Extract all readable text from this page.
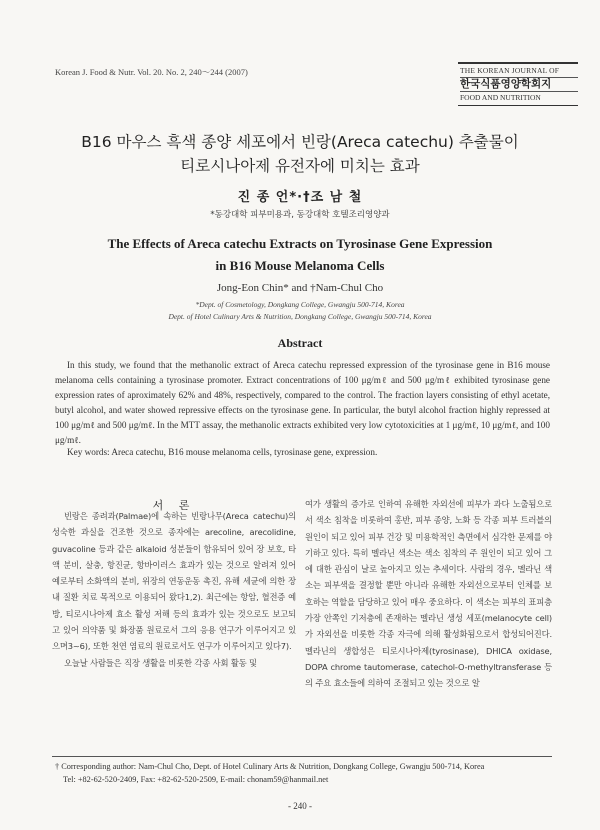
Korean J. Food & Nutr. Vol. 20. No. 2, 240～244 (2007)	THE KOREAN JOURNAL OF
한국식품영양학회지
FOOD AND NUTRITION
B16 마우스 흑색 종양 세포에서 빈랑(Areca catechu) 추출물이
티로시나아제 유전자에 미치는 효과
진 종 언*·†조 남 철
*동강대학 피부미용과, 동강대학 호텔조리영양과
The Effects of Areca catechu Extracts on Tyrosinase Gene Expression
in B16 Mouse Melanoma Cells
Jong-Eon Chin* and †Nam-Chul Cho
*Dept. of Cosmetology, Dongkang College, Gwangju 500-714, Korea
Dept. of Hotel Culinary Arts & Nutrition, Dongkang College, Gwangju 500-714, Korea
Abstract
In this study, we found that the methanolic extract of Areca catechu repressed expression of the tyrosinase gene in B16 mouse melanoma cells containing a tyrosinase promoter. Extract concentrations of 100 μg/mℓ and 500 μg/mℓ exhibited tyrosinase gene expression rates of aproximately 62% and 48%, respectively, compared to the control. The fraction layers consisting of ethyl acetate, butyl alcohol, and water showed repressive effects on the tyrosinase gene. In particular, the butyl alcohol fraction highly repressed at 100 μg/mℓ and 500 μg/mℓ. In the MTT assay, the methanolic extracts exhibited very low cytotoxicities at 1 μg/mℓ, 10 μg/mℓ, and 100 μg/mℓ.
Key words: Areca catechu, B16 mouse melanoma cells, tyrosinase gene, expression.
서 론

빈랑은 종려과(Palmae)에 속하는 빈랑나무(Areca catechu)의 성숙한 과실을 건조한 것으로 종자에는 arecoline, arecolidine, guvacoline 등과 같은 alkaloid 성분들이 함유되어 있어 장 보호, 타액 분비, 살충, 항진균, 항바이러스 효과가 있는 것으로 알려져 있어 예로부터 소화액의 분비, 위장의 연동운동 촉진, 유해 세균에 의한 장내 질환 치료 목적으로 이용되어 왔다1,2). 최근에는 항암, 혈전증 예방, 티로시나아제 효소 활성 저해 등의 효과가 있는 것으로도 보고되고 있어 의약품 및 화장품 원료로서 그의 응용 연구가 이루어지고 있으며3~6), 또한 천연 염료의 원료로서도 연구가 이루어지고 있다7).

오늘날 사람들은 직장 생활을 비롯한 각종 사회 활동 및

여가 생활의 증가로 인하여 유해한 자외선에 피부가 과다 노출됨으로서 색소 침착을 비롯하여 홍반, 피부 종양, 노화 등 각종 피부 트러블의 원인이 되고 있어 피부 건강 및 미용학적인 측면에서 심각한 문제를 야기하고 있다. 특히 멜라닌 색소는 색소 침착의 주 원인이 되고 있어 그에 대한 관심이 날로 높아지고 있는 추세이다. 사람의 경우, 멜라닌 색소는 피부색을 결정할 뿐만 아니라 유해한 자외선으로부터 인체를 보호하는 역할을 담당하고 있어 매우 중요하다. 이 색소는 피부의 표피층 가장 안쪽인 기저층에 존재하는 멜라닌 생성 세포(melanocyte cell)가 자외선을 비롯한 각종 자극에 의해 활성화됨으로서 합성되어진다. 멜라닌의 생합성은 티로시나아제(tyrosinase), DHICA oxidase, DOPA chrome tautomerase, catechol-O-methyltransferase 등의 주요 효소들에 의하여 조절되고 있는 것으로 알

† Corresponding author: Nam-Chul Cho, Dept. of Hotel Culinary Arts & Nutrition, Dongkang College, Gwangju 500-714, Korea
Tel: +82-62-520-2409, Fax: +82-62-520-2509, E-mail: chonam59@hanmail.net
- 240 -
